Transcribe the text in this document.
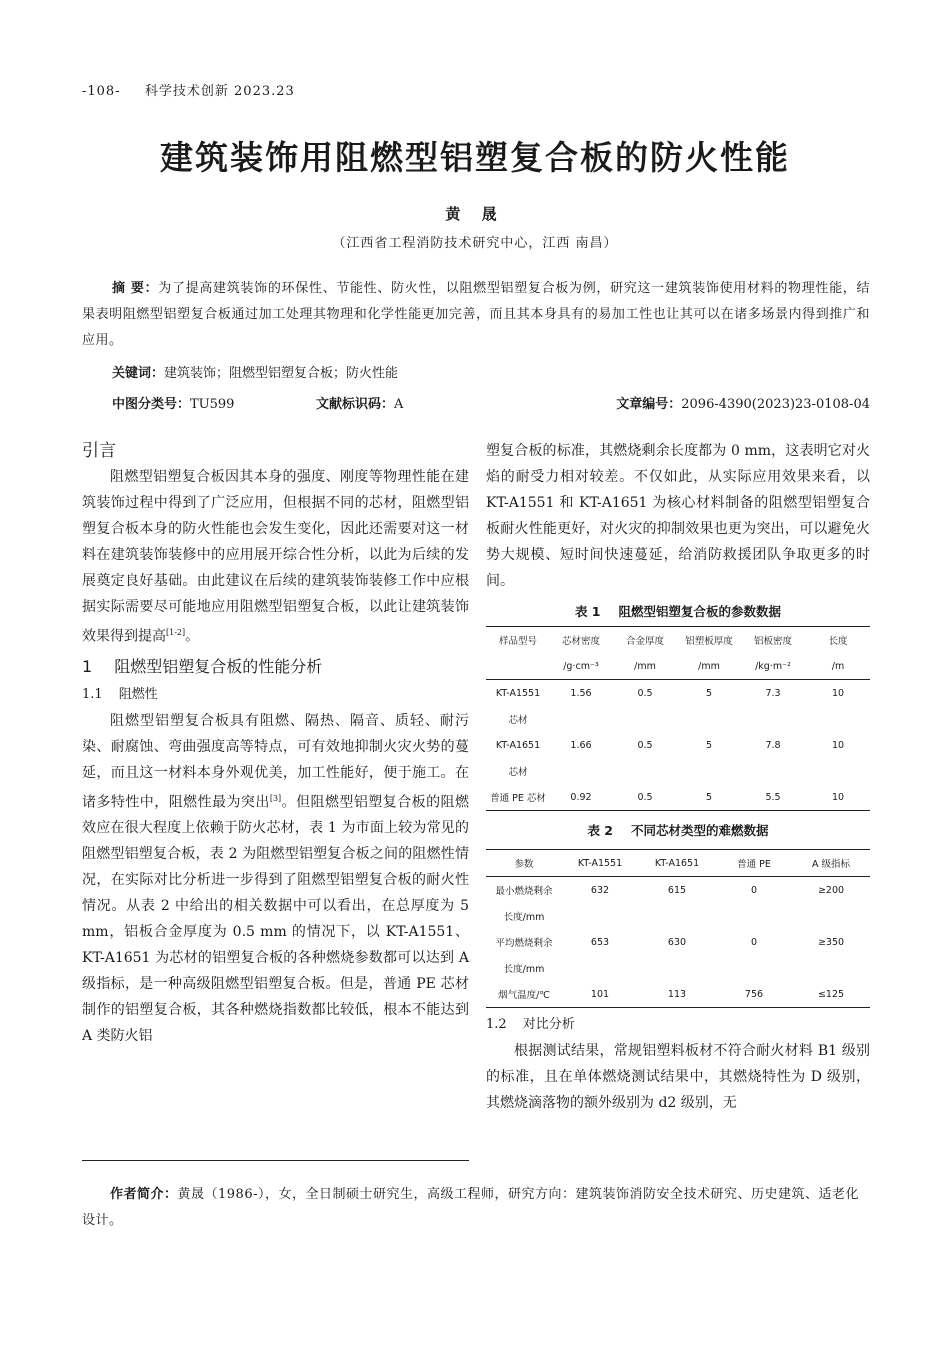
-108- 科学技术创新 2023.23
建筑装饰用阻燃型铝塑复合板的防火性能
黄 晟
（江西省工程消防技术研究中心，江西 南昌）
摘 要：为了提高建筑装饰的环保性、节能性、防火性，以阻燃型铝塑复合板为例，研究这一建筑装饰使用材料的物理性能，结果表明阻燃型铝塑复合板通过加工处理其物理和化学性能更加完善，而且其本身具有的易加工性也让其可以在诸多场景内得到推广和应用。
关键词：建筑装饰；阻燃型铝塑复合板；防火性能
中图分类号：TU599	文献标识码：A	文章编号：2096-4390(2023)23-0108-04
引言

阻燃型铝塑复合板因其本身的强度、刚度等物理性能在建筑装饰过程中得到了广泛应用，但根据不同的芯材，阻燃型铝塑复合板本身的防火性能也会发生变化，因此还需要对这一材料在建筑装饰装修中的应用展开综合性分析，以此为后续的发展奠定良好基础。由此建议在后续的建筑装饰装修工作中应根据实际需要尽可能地应用阻燃型铝塑复合板，以此让建筑装饰效果得到提高[1-2]。

1 阻燃型铝塑复合板的性能分析
1.1 阻燃性

阻燃型铝塑复合板具有阻燃、隔热、隔音、质轻、耐污染、耐腐蚀、弯曲强度高等特点，可有效地抑制火灾火势的蔓延，而且这一材料本身外观优美，加工性能好，便于施工。在诸多特性中，阻燃性最为突出[3]。但阻燃型铝塑复合板的阻燃效应在很大程度上依赖于防火芯材，表 1 为市面上较为常见的阻燃型铝塑复合板，表 2 为阻燃型铝塑复合板之间的阻燃性情况，在实际对比分析进一步得到了阻燃型铝塑复合板的耐火性情况。从表 2 中给出的相关数据中可以看出，在总厚度为 5 mm，铝板合金厚度为 0.5 mm 的情况下，以 KT-A1551、KT-A1651 为芯材的铝塑复合板的各种燃烧参数都可以达到 A 级指标，是一种高级阻燃型铝塑复合板。但是，普通 PE 芯材制作的铝塑复合板，其各种燃烧指数都比较低，根本不能达到 A 类防火铝

塑复合板的标准，其燃烧剩余长度都为 0 mm，这表明它对火焰的耐受力相对较差。不仅如此，从实际应用效果来看，以 KT-A1551 和 KT-A1651 为核心材料制备的阻燃型铝塑复合板耐火性能更好，对火灾的抑制效果也更为突出，可以避免火势大规模、短时间快速蔓延，给消防救援团队争取更多的时间。

表 1 阻燃型铝塑复合板的参数数据
样品型号	芯材密度	合金厚度	铝塑板厚度	铝板密度	长度
	/g·cm⁻³	/mm	/mm	/kg·m⁻²	/m
KT-A1551	1.56	0.5	5	7.3	10
芯材					
KT-A1651	1.66	0.5	5	7.8	10
芯材					
普通 PE 芯材	0.92	0.5	5	5.5	10
表 2 不同芯材类型的难燃数据
参数	KT-A1551	KT-A1651	普通 PE	A 级指标
最小燃烧剩余	632	615	0	≥200
长度/mm				
平均燃烧剩余	653	630	0	≥350
长度/mm				
烟气温度/℃	101	113	756	≤125
1.2 对比分析

根据测试结果，常规铝塑料板材不符合耐火材料 B1 级别的标准，且在单体燃烧测试结果中，其燃烧特性为 D 级别，其燃烧滴落物的额外级别为 d2 级别，无

作者简介：黄晟（1986-），女，全日制硕士研究生，高级工程师，研究方向：建筑装饰消防安全技术研究、历史建筑、适老化设计。
